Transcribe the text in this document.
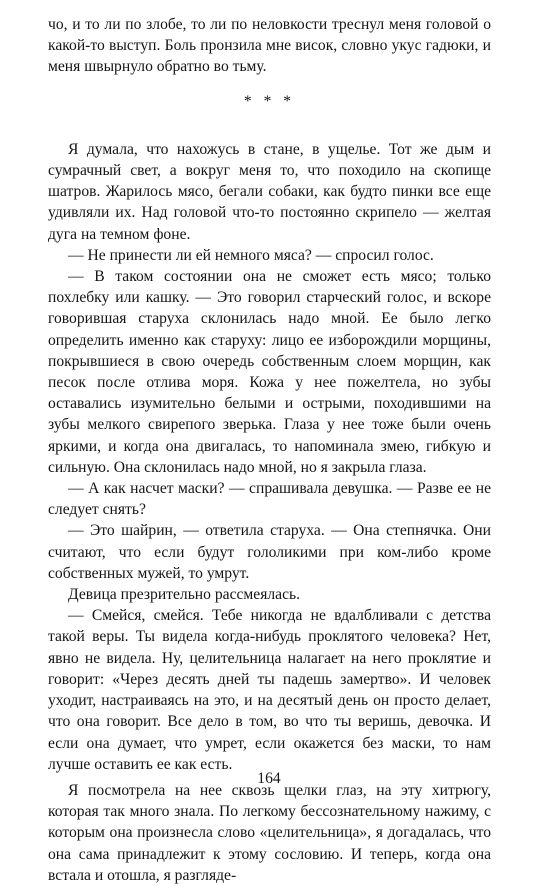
чо, и то ли по злобе, то ли по неловкости треснул меня головой о какой-то выступ. Боль пронзила мне висок, словно укус гадюки, и меня швырнуло обратно во тьму.

* * *

Я думала, что нахожусь в стане, в ущелье. Тот же дым и сумрачный свет, а вокруг меня то, что походило на скопище шатров. Жарилось мясо, бегали собаки, как будто пинки все еще удивляли их. Над головой что-то постоянно скрипело — желтая дуга на темном фоне.

— Не принести ли ей немного мяса? — спросил голос.

— В таком состоянии она не сможет есть мясо; только похлебку или кашку. — Это говорил старческий голос, и вскоре говорившая старуха склонилась надо мной. Ее было легко определить именно как старуху: лицо ее изборождили морщины, покрывшиеся в свою очередь собственным слоем морщин, как песок после отлива моря. Кожа у нее пожелтела, но зубы оставались изумительно белыми и острыми, походившими на зубы мелкого свирепого зверька. Глаза у нее тоже были очень яркими, и когда она двигалась, то напоминала змею, гибкую и сильную. Она склонилась надо мной, но я закрыла глаза.

— А как насчет маски? — спрашивала девушка. — Разве ее не следует снять?

— Это шайрин, — ответила старуха. — Она степнячка. Они считают, что если будут гололикими при ком-либо кроме собственных мужей, то умрут.

Девица презрительно рассмеялась.

— Смейся, смейся. Тебе никогда не вдалбливали с детства такой веры. Ты видела когда-нибудь проклятого человека? Нет, явно не видела. Ну, целительница налагает на него проклятие и говорит: «Через десять дней ты падешь замертво». И человек уходит, настраиваясь на это, и на десятый день он просто делает, что она говорит. Все дело в том, во что ты веришь, девочка. И если она думает, что умрет, если окажется без маски, то нам лучше оставить ее как есть.

Я посмотрела на нее сквозь щелки глаз, на эту хитрюгу, которая так много знала. По легкому бессознательному нажиму, с которым она произнесла слово «целительница», я догадалась, что она сама принадлежит к этому сословию. И теперь, когда она встала и отошла, я разгляде-

164
